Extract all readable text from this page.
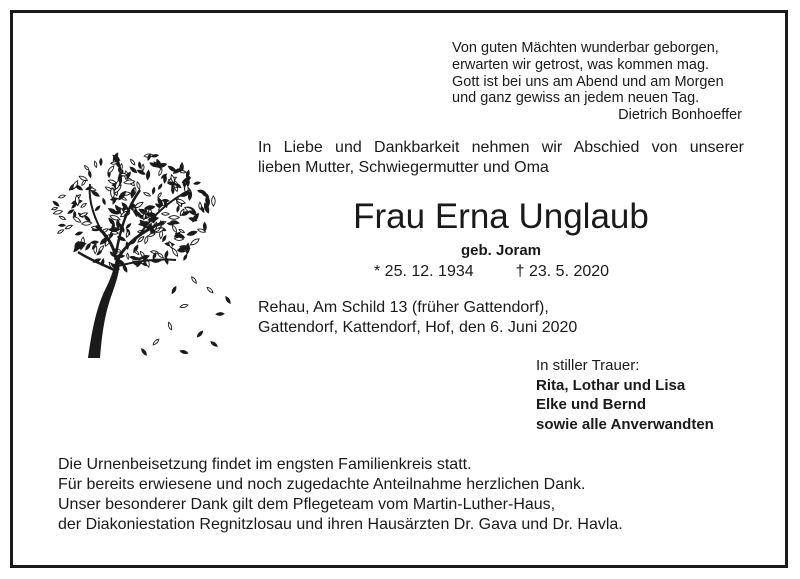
Von guten Mächten wunderbar geborgen,
erwarten wir getrost, was kommen mag.
Gott ist bei uns am Abend und am Morgen
und ganz gewiss an jedem neuen Tag.
Dietrich Bonhoeffer
In Liebe und Dankbarkeit nehmen wir Abschied von unserer
lieben Mutter, Schwiegermutter und Oma
Frau Erna Unglaub
geb. Joram
* 25. 12. 1934	† 23. 5. 2020
Rehau, Am Schild 13 (früher Gattendorf),
Gattendorf, Kattendorf, Hof, den 6. Juni 2020
In stiller Trauer:
Rita, Lothar und Lisa
Elke und Bernd
sowie alle Anverwandten
Die Urnenbeisetzung findet im engsten Familienkreis statt.
Für bereits erwiesene und noch zugedachte Anteilnahme herzlichen Dank.
Unser besonderer Dank gilt dem Pflegeteam vom Martin-Luther-Haus,
der Diakoniestation Regnitzlosau und ihren Hausärzten Dr. Gava und Dr. Havla.
